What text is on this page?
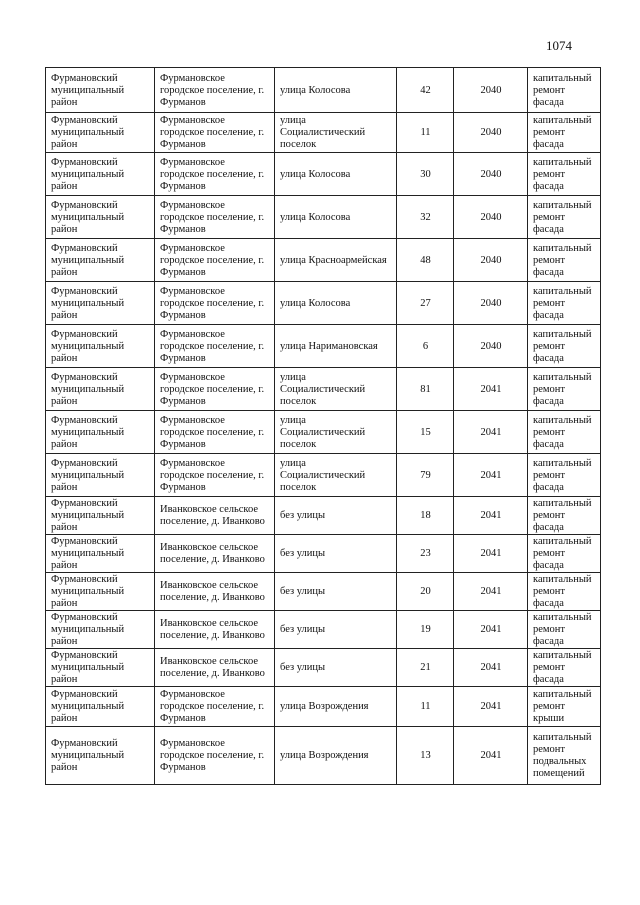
1074
Фурмановский муниципальный район	Фурмановское городское поселение, г. Фурманов	улица Колосова	42	2040	капитальный ремонт фасада

Фурмановский муниципальный район	Фурмановское городское поселение, г. Фурманов	улица Социалистический поселок	11	2040	капитальный ремонт фасада

Фурмановский муниципальный район	Фурмановское городское поселение, г. Фурманов	улица Колосова	30	2040	капитальный ремонт фасада

Фурмановский муниципальный район	Фурмановское городское поселение, г. Фурманов	улица Колосова	32	2040	капитальный ремонт фасада

Фурмановский муниципальный район	Фурмановское городское поселение, г. Фурманов	улица Красноармейская	48	2040	капитальный ремонт фасада

Фурмановский муниципальный район	Фурмановское городское поселение, г. Фурманов	улица Колосова	27	2040	капитальный ремонт фасада

Фурмановский муниципальный район	Фурмановское городское поселение, г. Фурманов	улица Наримановская	6	2040	капитальный ремонт фасада

Фурмановский муниципальный район	Фурмановское городское поселение, г. Фурманов	улица Социалистический поселок	81	2041	капитальный ремонт фасада

Фурмановский муниципальный район	Фурмановское городское поселение, г. Фурманов	улица Социалистический поселок	15	2041	капитальный ремонт фасада

Фурмановский муниципальный район	Фурмановское городское поселение, г. Фурманов	улица Социалистический поселок	79	2041	капитальный ремонт фасада

Фурмановский муниципальный район	Иванковское сельское поселение, д. Иванково	без улицы	18	2041	капитальный ремонт фасада

Фурмановский муниципальный район	Иванковское сельское поселение, д. Иванково	без улицы	23	2041	капитальный ремонт фасада

Фурмановский муниципальный район	Иванковское сельское поселение, д. Иванково	без улицы	20	2041	капитальный ремонт фасада

Фурмановский муниципальный район	Иванковское сельское поселение, д. Иванково	без улицы	19	2041	капитальный ремонт фасада

Фурмановский муниципальный район	Иванковское сельское поселение, д. Иванково	без улицы	21	2041	капитальный ремонт фасада

Фурмановский муниципальный район	Фурмановское городское поселение, г. Фурманов	улица Возрождения	11	2041	капитальный ремонт крыши

Фурмановский муниципальный район	Фурмановское городское поселение, г. Фурманов	улица Возрождения	13	2041	капитальный ремонт подвальных помещений
